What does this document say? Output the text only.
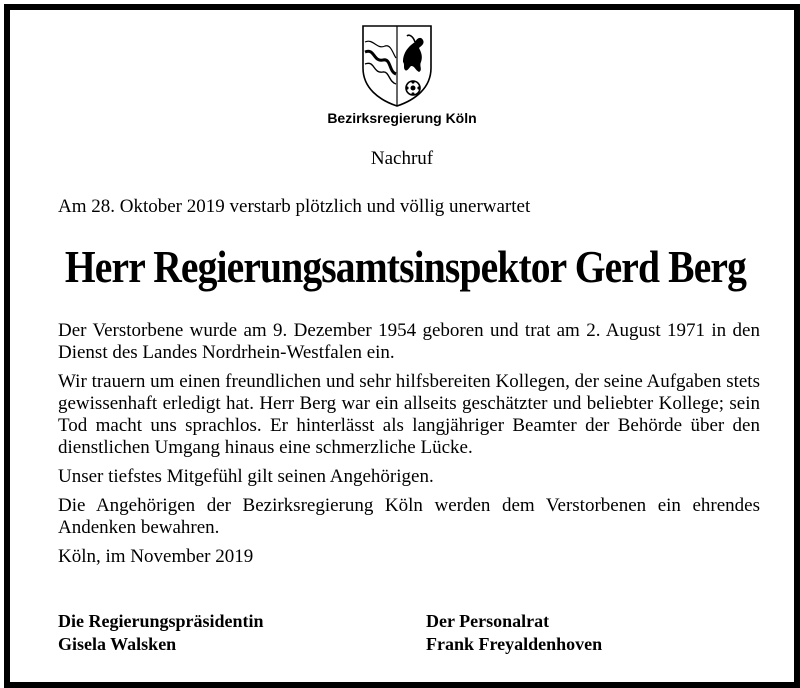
Bezirksregierung Köln
Nachruf
Am 28. Oktober 2019 verstarb plötzlich und völlig unerwartet
Herr Regierungsamtsinspektor Gerd Berg

Der Verstorbene wurde am 9. Dezember 1954 geboren und trat am 2. August 1971 in den Dienst des Landes Nordrhein-Westfalen ein.

Wir trauern um einen freundlichen und sehr hilfsbereiten Kollegen, der seine Aufgaben stets gewissenhaft erledigt hat. Herr Berg war ein allseits geschätzter und beliebter Kollege; sein Tod macht uns sprachlos. Er hinterlässt als langjähriger Beamter der Behörde über den dienstlichen Umgang hinaus eine schmerzliche Lücke.

Unser tiefstes Mitgefühl gilt seinen Angehörigen.

Die Angehörigen der Bezirksregierung Köln werden dem Verstorbenen ein ehrendes Andenken bewahren.

Köln, im November 2019

Die Regierungspräsidentin
Gisela Walsken
Der Personalrat
Frank Freyaldenhoven
